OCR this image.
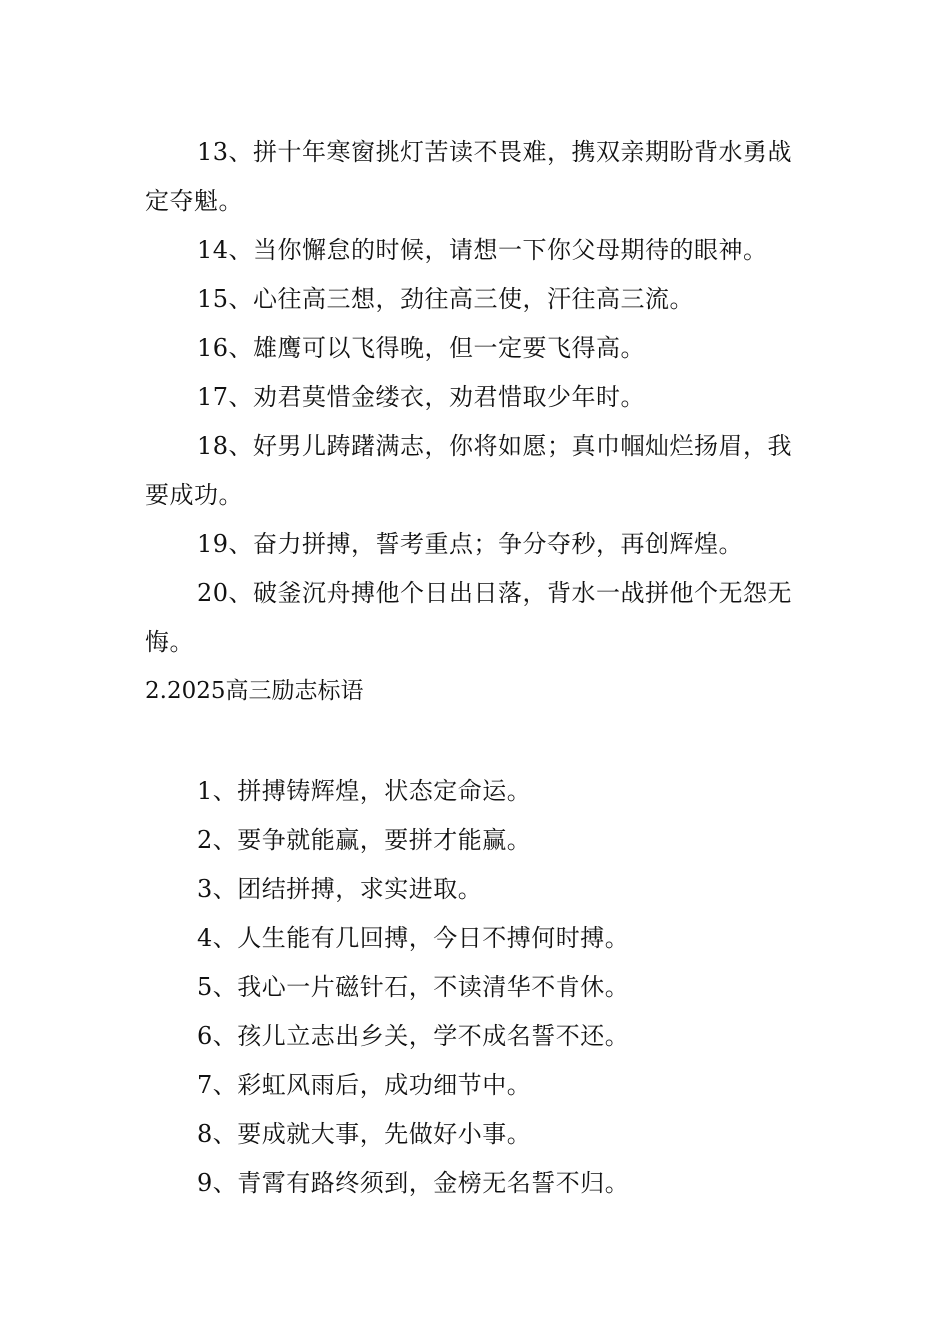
13、拼十年寒窗挑灯苦读不畏难，携双亲期盼背水勇战定夺魁。

14、当你懈怠的时候，请想一下你父母期待的眼神。

15、心往高三想，劲往高三使，汗往高三流。

16、雄鹰可以飞得晚，但一定要飞得高。

17、劝君莫惜金缕衣，劝君惜取少年时。

18、好男儿踌躇满志，你将如愿；真巾帼灿烂扬眉，我要成功。

19、奋力拼搏，誓考重点；争分夺秒，再创辉煌。

20、破釜沉舟搏他个日出日落，背水一战拼他个无怨无悔。

2.2025高三励志标语

1、拼搏铸辉煌，状态定命运。

2、要争就能赢，要拼才能赢。

3、团结拼搏，求实进取。

4、人生能有几回搏，今日不搏何时搏。

5、我心一片磁针石，不读清华不肯休。

6、孩儿立志出乡关，学不成名誓不还。

7、彩虹风雨后，成功细节中。

8、要成就大事，先做好小事。

9、青霄有路终须到，金榜无名誓不归。
